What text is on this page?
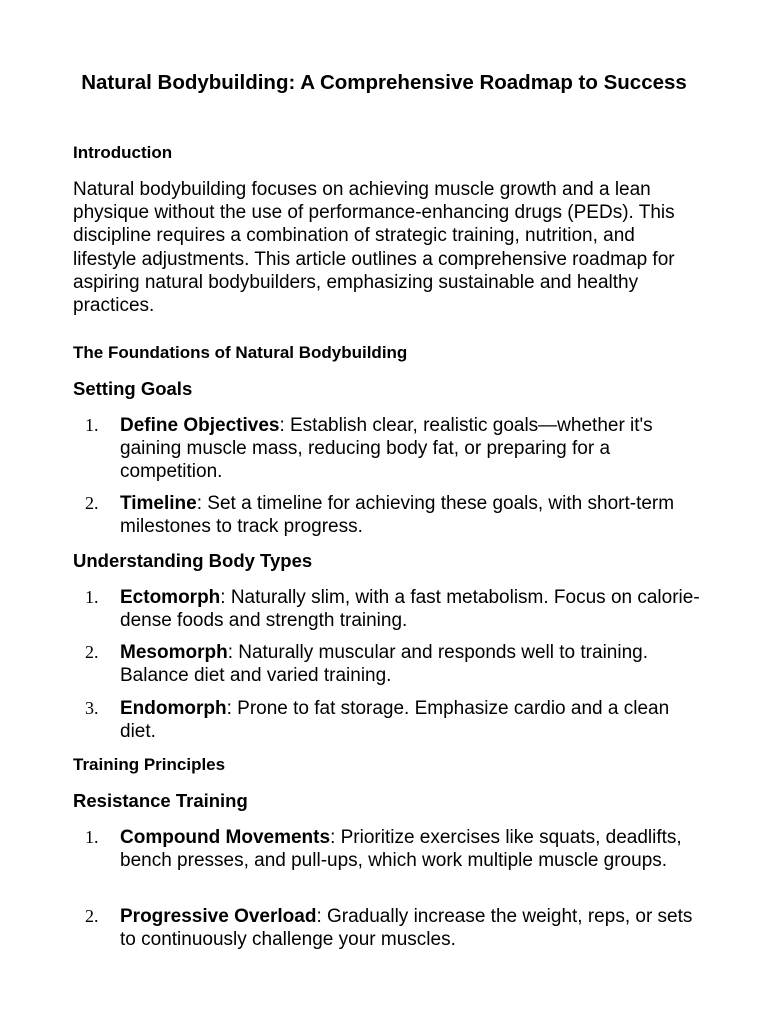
Natural Bodybuilding: A Comprehensive Roadmap to Success
Introduction

Natural bodybuilding focuses on achieving muscle growth and a lean physique without the use of performance-enhancing drugs (PEDs). This discipline requires a combination of strategic training, nutrition, and lifestyle adjustments. This article outlines a comprehensive roadmap for aspiring natural bodybuilders, emphasizing sustainable and healthy practices.

The Foundations of Natural Bodybuilding
Setting Goals
1. Define Objectives: Establish clear, realistic goals—whether it's gaining muscle mass, reducing body fat, or preparing for a competition.
2. Timeline: Set a timeline for achieving these goals, with short-term milestones to track progress.
Understanding Body Types
1. Ectomorph: Naturally slim, with a fast metabolism. Focus on calorie-dense foods and strength training.
2. Mesomorph: Naturally muscular and responds well to training. Balance diet and varied training.
3. Endomorph: Prone to fat storage. Emphasize cardio and a clean diet.
Training Principles
Resistance Training
1. Compound Movements: Prioritize exercises like squats, deadlifts, bench presses, and pull-ups, which work multiple muscle groups.
2. Progressive Overload: Gradually increase the weight, reps, or sets to continuously challenge your muscles.
